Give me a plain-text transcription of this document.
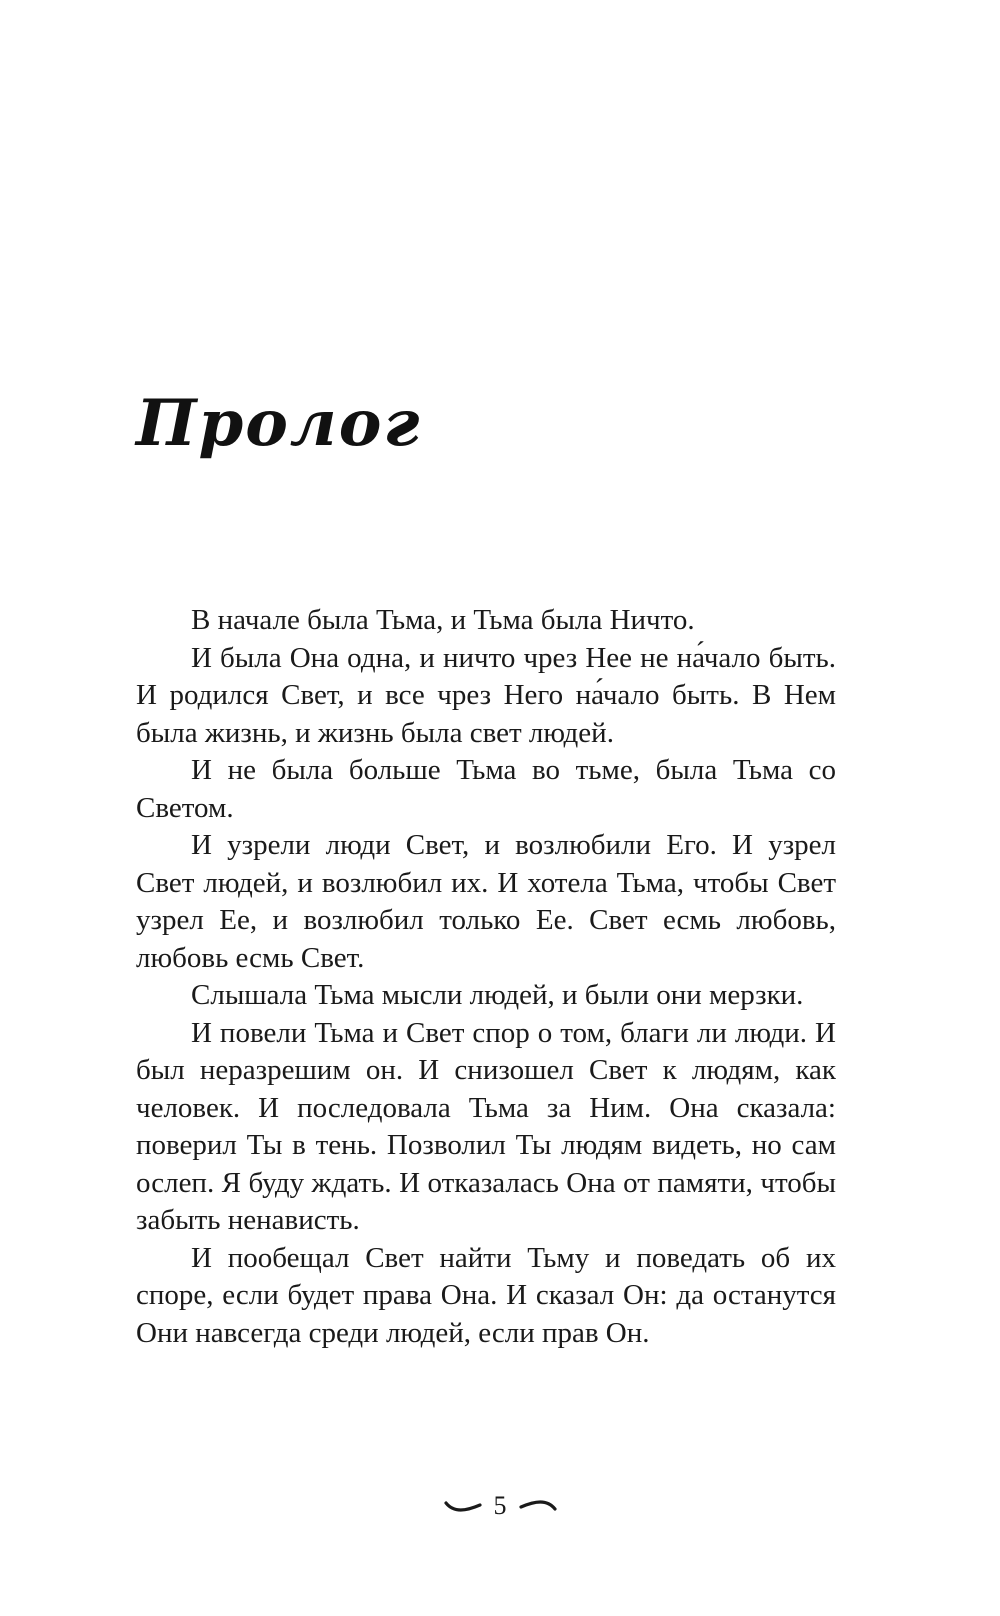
Пролог

В начале была Тьма, и Тьма была Ничто.

И была Она одна, и ничто чрез Нее не на́чало быть. И родился Свет, и все чрез Него на́чало быть. В Нем была жизнь, и жизнь была свет людей.

И не была больше Тьма во тьме, была Тьма со Светом.

И узрели люди Свет, и возлюбили Его. И узрел Свет людей, и возлюбил их. И хотела Тьма, чтобы Свет узрел Ее, и возлюбил только Ее. Свет есмь любовь, любовь есмь Свет.

Слышала Тьма мысли людей, и были они мерзки.

И повели Тьма и Свет спор о том, благи ли люди. И был неразрешим он. И снизошел Свет к людям, как человек. И последовала Тьма за Ним. Она сказала: поверил Ты в тень. Позволил Ты людям видеть, но сам ослеп. Я буду ждать. И отказалась Она от памяти, чтобы забыть ненависть.

И пообещал Свет найти Тьму и поведать об их споре, если будет права Она. И сказал Он: да останутся Они навсегда среди людей, если прав Он.

5
